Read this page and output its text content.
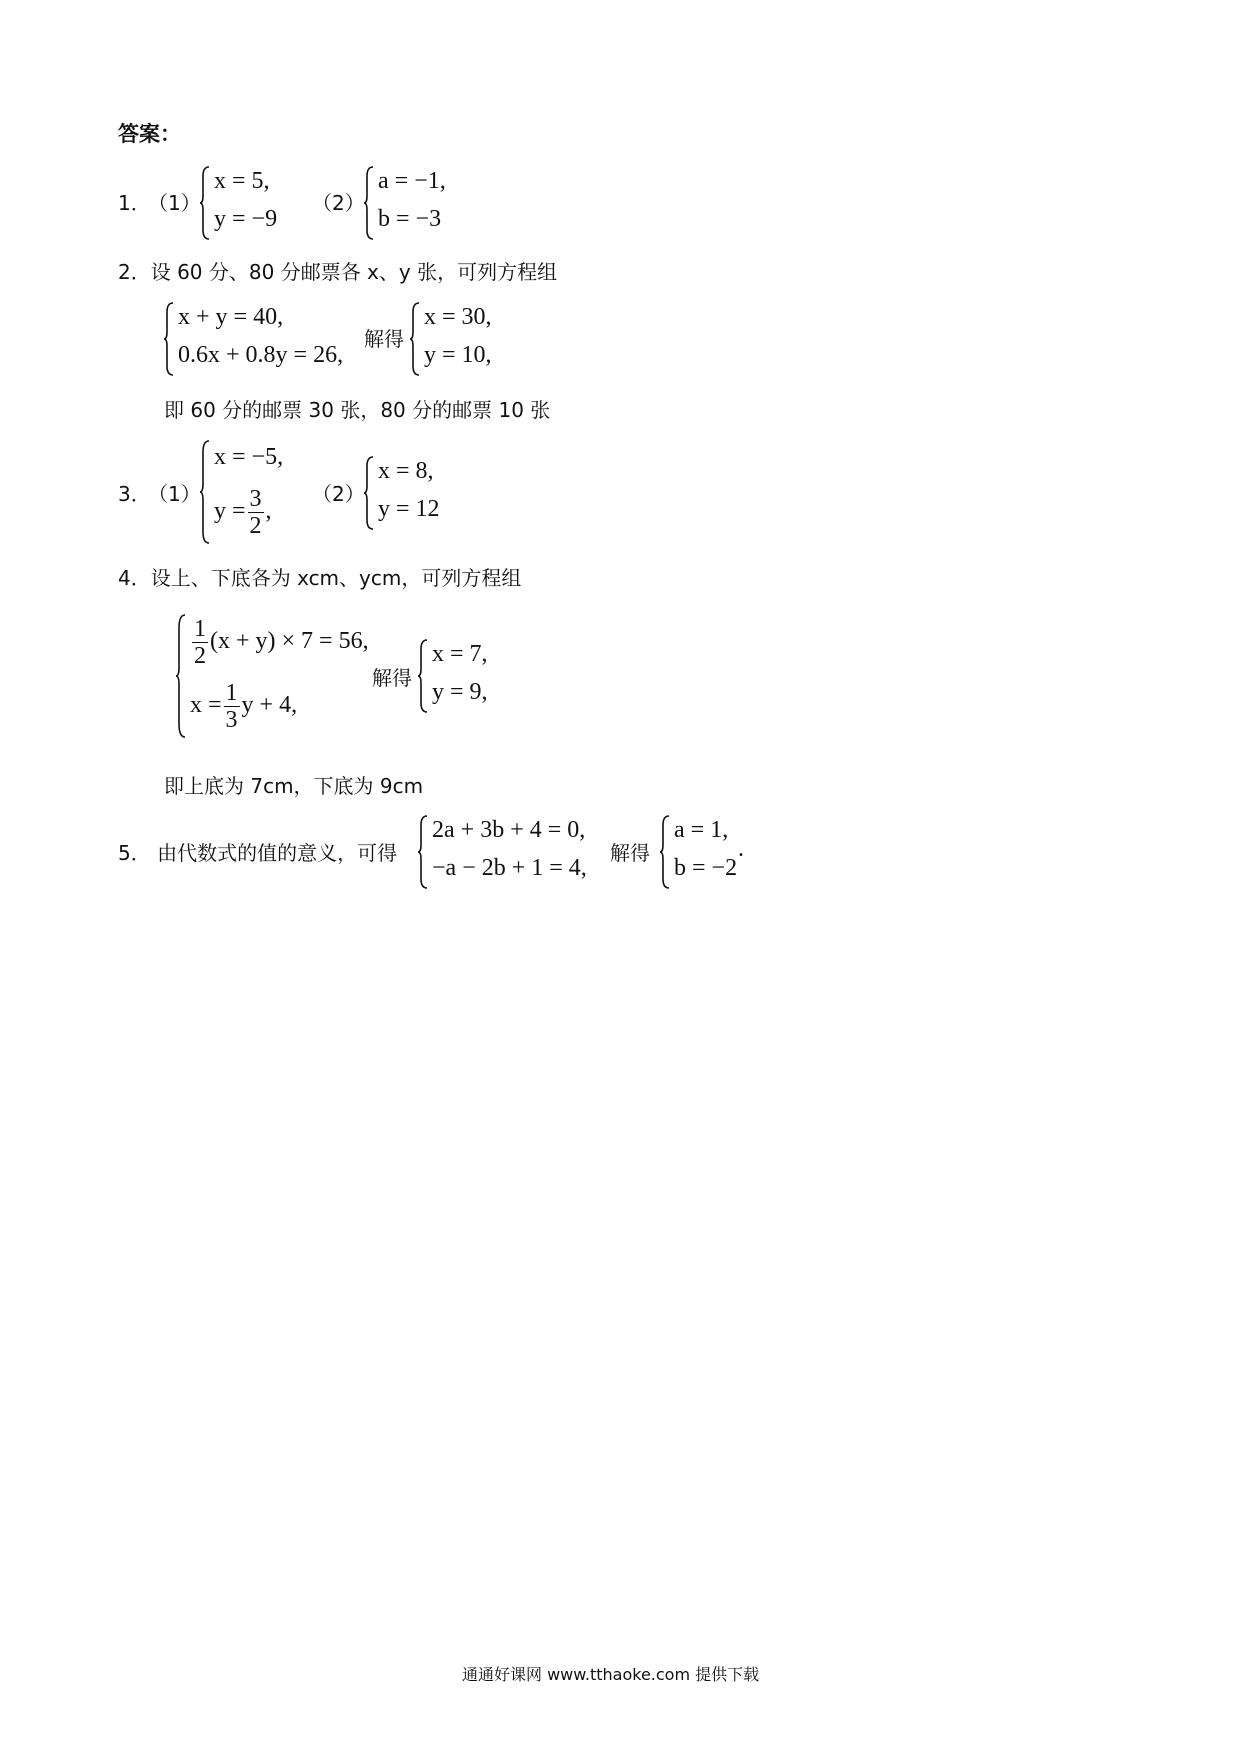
答案：
1．
（1）
x = 5,
y = −9
（2）
a = −1,
b = −3
2．设 60 分、80 分邮票各 x、y 张，可列方程组
x + y = 40,
0.6x + 0.8y = 26,
解得
x = 30,
y = 10,
即 60 分的邮票 30 张，80 分的邮票 10 张
3．
（1）
x = −5,
$y = \frac{3}{2}$ ,
（2）
x = 8,
y = 12
4．设上、下底各为 xcm、ycm，可列方程组
$\frac{1}{2} (x + y) \times 7 = 56$,
$x = \frac{1}{3}$ y + 4,
解得
x = 7,
y = 9,
即上底为 7cm，下底为 9cm
5． 由代数式的值的意义，可得
2a + 3b + 4 = 0,
−a − 2b + 1 = 4,
解得
a = 1,
b = −2
.
通通好课网 www.tthaoke.com 提供下载
